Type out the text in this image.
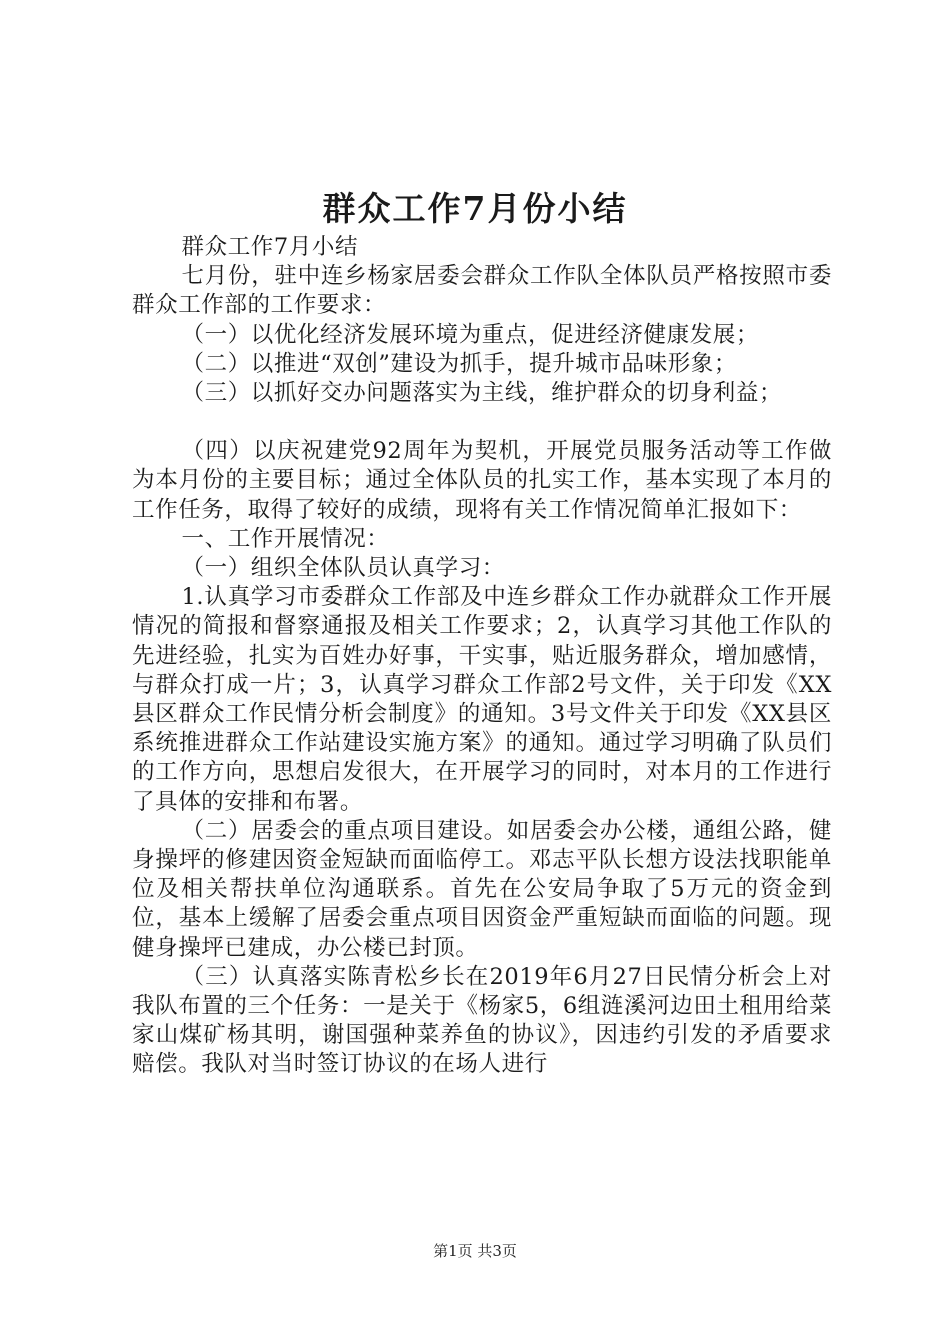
群众工作7月份小结

群众工作7月小结

七月份，驻中连乡杨家居委会群众工作队全体队员严格按照市委群众工作部的工作要求：

（一）以优化经济发展环境为重点，促进经济健康发展；

（二）以推进“双创”建设为抓手，提升城市品味形象；

（三）以抓好交办问题落实为主线，维护群众的切身利益；

（四）以庆祝建党92周年为契机，开展党员服务活动等工作做为本月份的主要目标；通过全体队员的扎实工作，基本实现了本月的工作任务，取得了较好的成绩，现将有关工作情况简单汇报如下：

一、工作开展情况：

（一）组织全体队员认真学习：

1.认真学习市委群众工作部及中连乡群众工作办就群众工作开展情况的简报和督察通报及相关工作要求；2，认真学习其他工作队的先进经验，扎实为百姓办好事，干实事，贴近服务群众，增加感情，与群众打成一片；3，认真学习群众工作部2号文件，关于印发《XX县区群众工作民情分析会制度》的通知。3号文件关于印发《XX县区系统推进群众工作站建设实施方案》的通知。通过学习明确了队员们的工作方向，思想启发很大，在开展学习的同时，对本月的工作进行了具体的安排和布署。

（二）居委会的重点项目建设。如居委会办公楼，通组公路，健身操坪的修建因资金短缺而面临停工。邓志平队长想方设法找职能单位及相关帮扶单位沟通联系。首先在公安局争取了5万元的资金到位，基本上缓解了居委会重点项目因资金严重短缺而面临的问题。现健身操坪已建成，办公楼已封顶。

（三）认真落实陈青松乡长在2019年6月27日民情分析会上对我队布置的三个任务：一是关于《杨家5，6组涟溪河边田土租用给菜家山煤矿杨其明，谢国强种菜养鱼的协议》，因违约引发的矛盾要求赔偿。我队对当时签订协议的在场人进行

第1页 共3页
